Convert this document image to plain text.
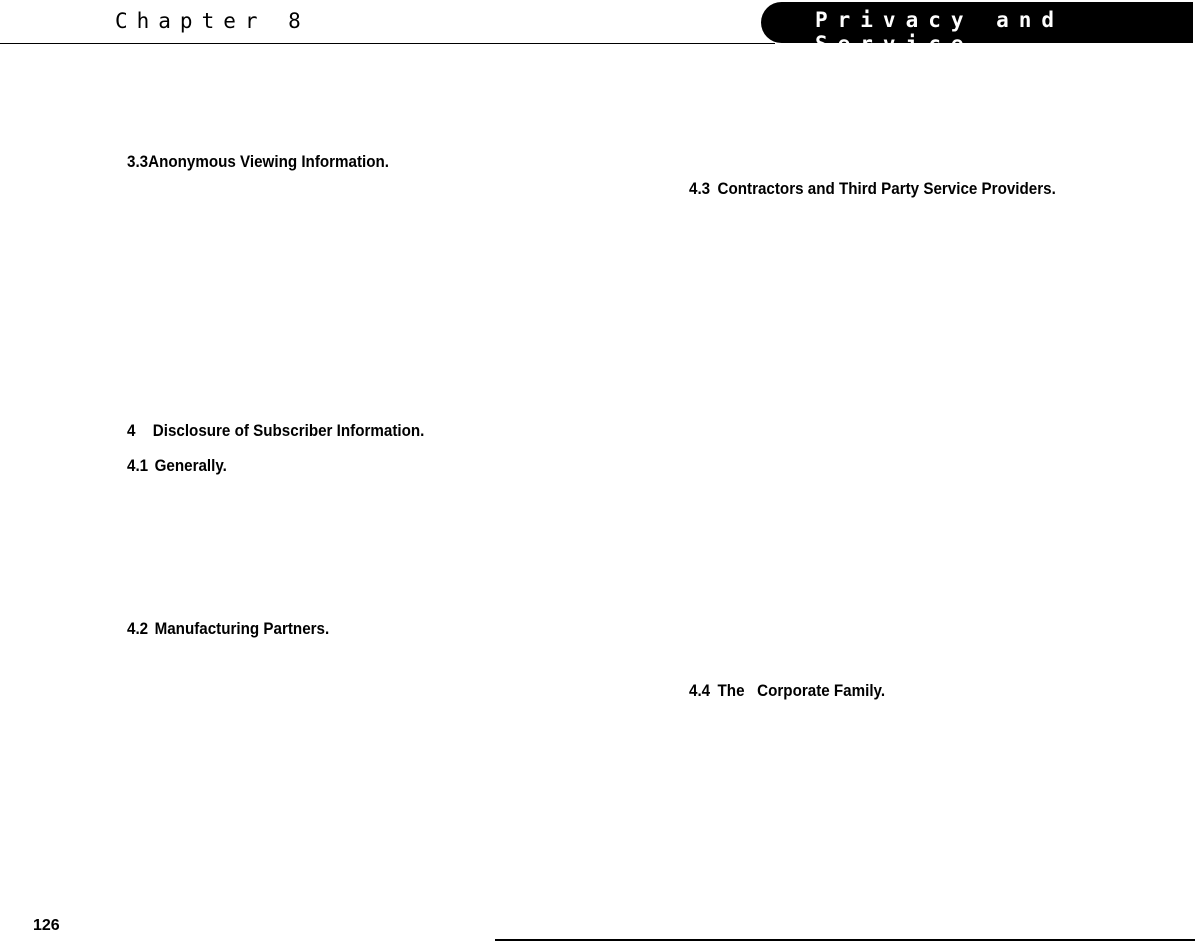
Chapter 8	Privacy and Service
3.3Anonymous Viewing Information.
4 Disclosure of Subscriber Information.
4.1 Generally.
4.2 Manufacturing Partners.
4.3 Contractors and Third Party Service Providers.
4.4 The   Corporate Family.
126
